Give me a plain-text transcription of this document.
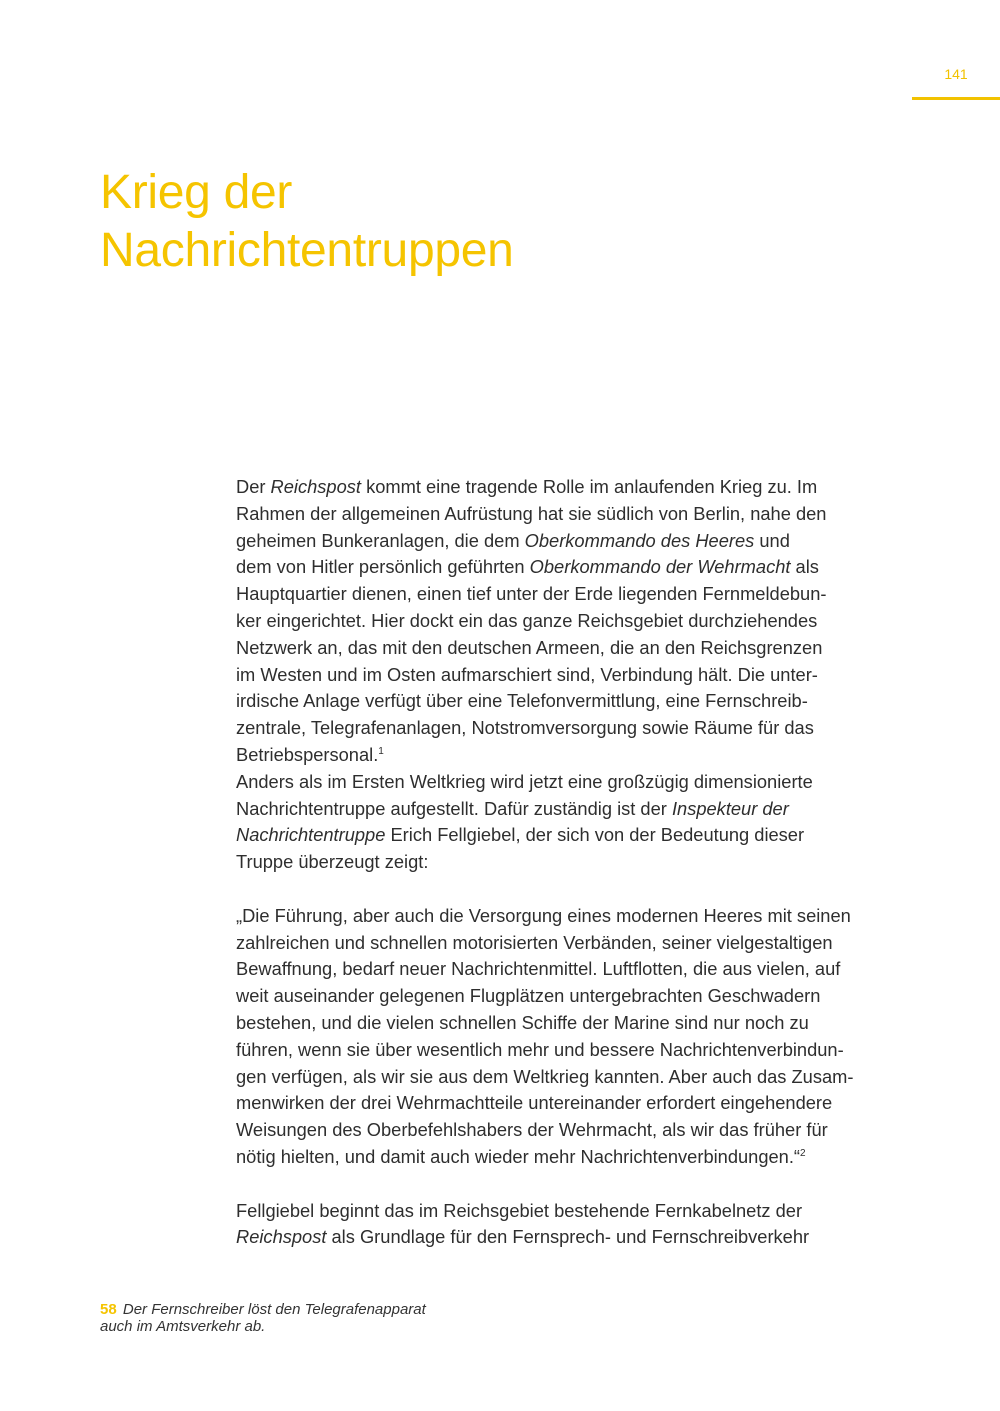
141
Krieg der
Nachrichtentruppen
Der Reichspost kommt eine tragende Rolle im anlaufenden Krieg zu. Im
Rahmen der allgemeinen Aufrüstung hat sie südlich von Berlin, nahe den
geheimen Bunkeranlagen, die dem Oberkommando des Heeres und
dem von Hitler persönlich geführten Oberkommando der Wehrmacht als
Hauptquartier dienen, einen tief unter der Erde liegenden Fernmeldebun-
ker eingerichtet. Hier dockt ein das ganze Reichsgebiet durchziehendes
Netzwerk an, das mit den deutschen Armeen, die an den Reichsgrenzen
im Westen und im Osten aufmarschiert sind, Verbindung hält. Die unter-
irdische Anlage verfügt über eine Telefonvermittlung, eine Fernschreib-
zentrale, Telegrafenanlagen, Notstromversorgung sowie Räume für das
Betriebspersonal.$^1$
Anders als im Ersten Weltkrieg wird jetzt eine großzügig dimensionierte
Nachrichtentruppe aufgestellt. Dafür zuständig ist der Inspekteur der
Nachrichtentruppe Erich Fellgiebel, der sich von der Bedeutung dieser
Truppe überzeugt zeigt:
„Die Führung, aber auch die Versorgung eines modernen Heeres mit seinen
zahlreichen und schnellen motorisierten Verbänden, seiner vielgestaltigen
Bewaffnung, bedarf neuer Nachrichtenmittel. Luftflotten, die aus vielen, auf
weit auseinander gelegenen Flugplätzen untergebrachten Geschwadern
bestehen, und die vielen schnellen Schiffe der Marine sind nur noch zu
führen, wenn sie über wesentlich mehr und bessere Nachrichtenverbindun-
gen verfügen, als wir sie aus dem Weltkrieg kannten. Aber auch das Zusam-
menwirken der drei Wehrmachtteile untereinander erfordert eingehendere
Weisungen des Oberbefehlshabers der Wehrmacht, als wir das früher für
nötig hielten, und damit auch wieder mehr Nachrichtenverbindungen.“$^2$
Fellgiebel beginnt das im Reichsgebiet bestehende Fernkabelnetz der
Reichspost als Grundlage für den Fernsprech- und Fernschreibverkehr
58 Der Fernschreiber löst den Telegrafenapparat
auch im Amtsverkehr ab.
